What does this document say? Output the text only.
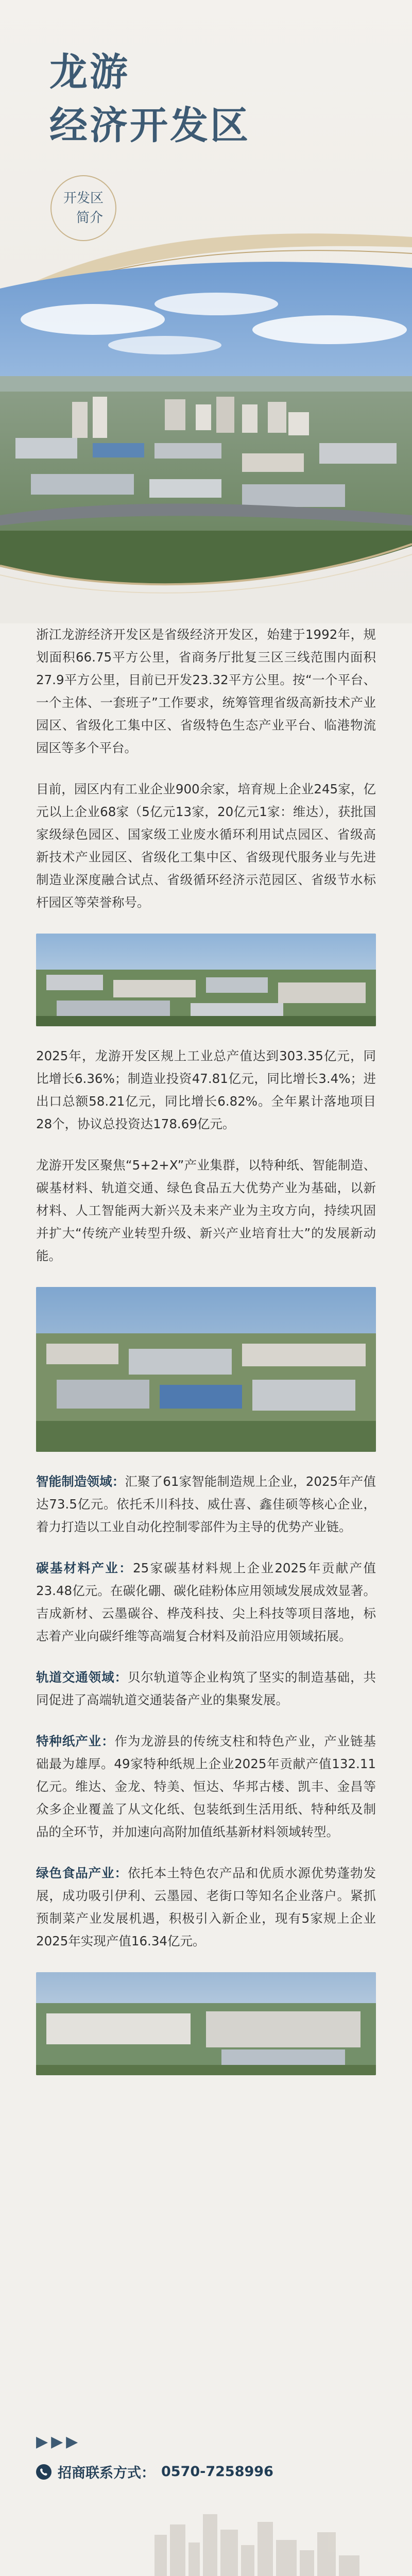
龙游
经济开发区
开发区
简介

浙江龙游经济开发区是省级经济开发区，始建于1992年，规划面积66.75平方公里，省商务厅批复三区三线范围内面积27.9平方公里，目前已开发23.32平方公里。按“一个平台、一个主体、一套班子”工作要求，统筹管理省级高新技术产业园区、省级化工集中区、省级特色生态产业平台、临港物流园区等多个平台。

目前，园区内有工业企业900余家，培育规上企业245家，亿元以上企业68家（5亿元13家，20亿元1家：维达），获批国家级绿色园区、国家级工业废水循环利用试点园区、省级高新技术产业园区、省级化工集中区、省级现代服务业与先进制造业深度融合试点、省级循环经济示范园区、省级节水标杆园区等荣誉称号。

2025年，龙游开发区规上工业总产值达到303.35亿元，同比增长6.36%；制造业投资47.81亿元，同比增长3.4%；进出口总额58.21亿元，同比增长6.82%。全年累计落地项目28个，协议总投资达178.69亿元。

龙游开发区聚焦“5+2+X”产业集群，以特种纸、智能制造、碳基材料、轨道交通、绿色食品五大优势产业为基础，以新材料、人工智能两大新兴及未来产业为主攻方向，持续巩固并扩大“传统产业转型升级、新兴产业培育壮大”的发展新动能。

智能制造领域：汇聚了61家智能制造规上企业，2025年产值达73.5亿元。依托禾川科技、威仕喜、鑫佳硕等核心企业，着力打造以工业自动化控制零部件为主导的优势产业链。

碳基材料产业：25家碳基材料规上企业2025年贡献产值23.48亿元。在碳化硼、碳化硅粉体应用领域发展成效显著。吉成新材、云墨碳谷、桦茂科技、尖上科技等项目落地，标志着产业向碳纤维等高端复合材料及前沿应用领域拓展。

轨道交通领域：贝尔轨道等企业构筑了坚实的制造基础，共同促进了高端轨道交通装备产业的集聚发展。

特种纸产业：作为龙游县的传统支柱和特色产业，产业链基础最为雄厚。49家特种纸规上企业2025年贡献产值132.11亿元。维达、金龙、特美、恒达、华邦古楼、凯丰、金昌等众多企业覆盖了从文化纸、包装纸到生活用纸、特种纸及制品的全环节，并加速向高附加值纸基新材料领域转型。

绿色食品产业：依托本土特色农产品和优质水源优势蓬勃发展，成功吸引伊利、云墨园、老街口等知名企业落户。紧抓预制菜产业发展机遇，积极引入新企业，现有5家规上企业2025年实现产值16.34亿元。

▶▶▶
招商联系方式： 0570-7258996
